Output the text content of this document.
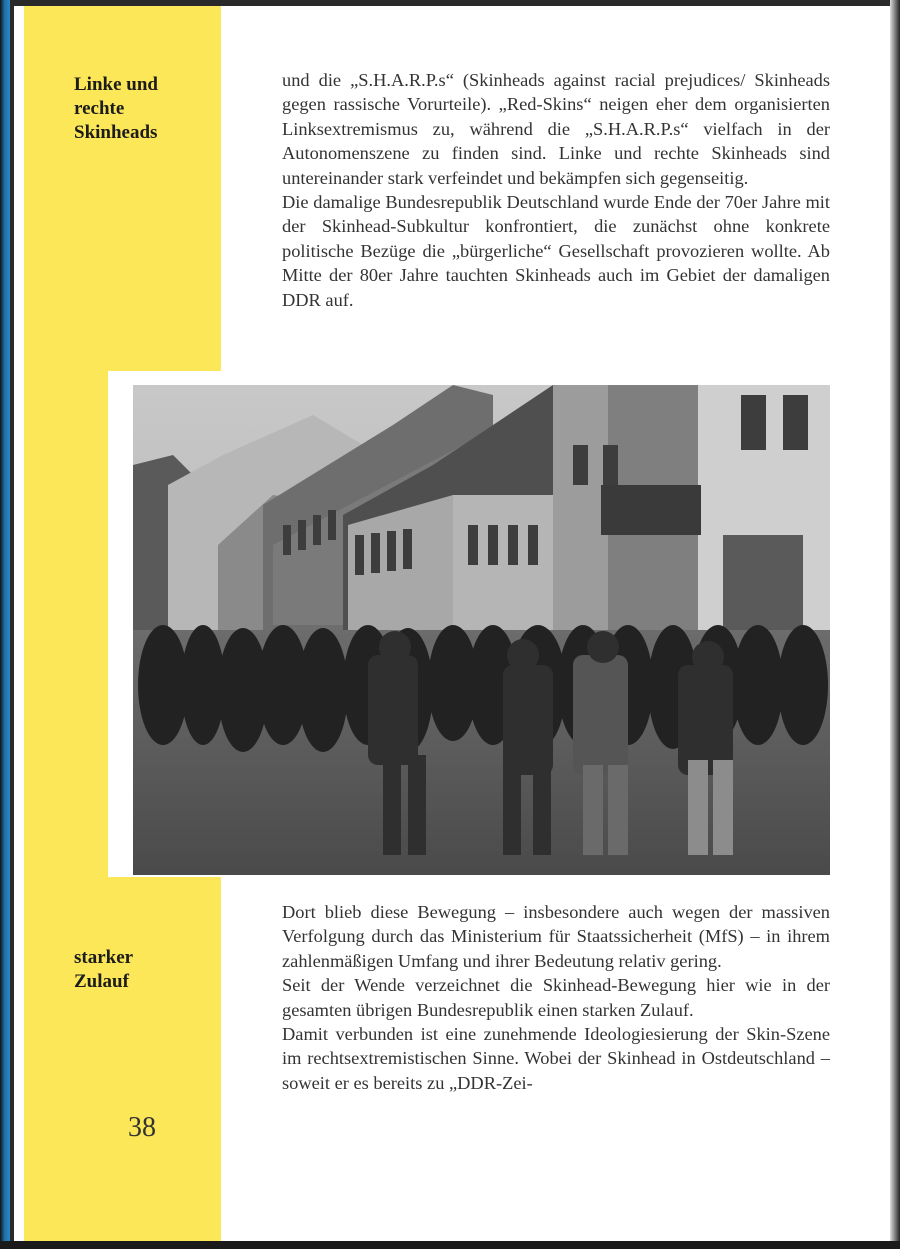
Linke und
rechte
Skinheads
starker
Zulauf
38

und die „S.H.A.R.P.s“ (Skinheads against racial prejudices/ Skinheads gegen rassische Vorurteile). „Red-Skins“ neigen eher dem organisierten Linksextremismus zu, während die „S.H.A.R.P.s“ vielfach in der Autonomenszene zu finden sind. Linke und rechte Skinheads sind untereinander stark verfeindet und bekämpfen sich gegenseitig.

Die damalige Bundesrepublik Deutschland wurde Ende der 70er Jahre mit der Skinhead-Subkultur konfrontiert, die zunächst ohne konkrete politische Bezüge die „bürgerliche“ Gesellschaft provozieren wollte. Ab Mitte der 80er Jahre tauchten Skinheads auch im Gebiet der damaligen DDR auf.

Dort blieb diese Bewegung – insbesondere auch wegen der massiven Verfolgung durch das Ministerium für Staatssicherheit (MfS) – in ihrem zahlenmäßigen Umfang und ihrer Bedeutung relativ gering.

Seit der Wende verzeichnet die Skinhead-Bewegung hier wie in der gesamten übrigen Bundesrepublik einen starken Zulauf.

Damit verbunden ist eine zunehmende Ideologiesierung der Skin-Szene im rechtsextremistischen Sinne. Wobei der Skinhead in Ostdeutschland – soweit er es bereits zu „DDR-Zei-
